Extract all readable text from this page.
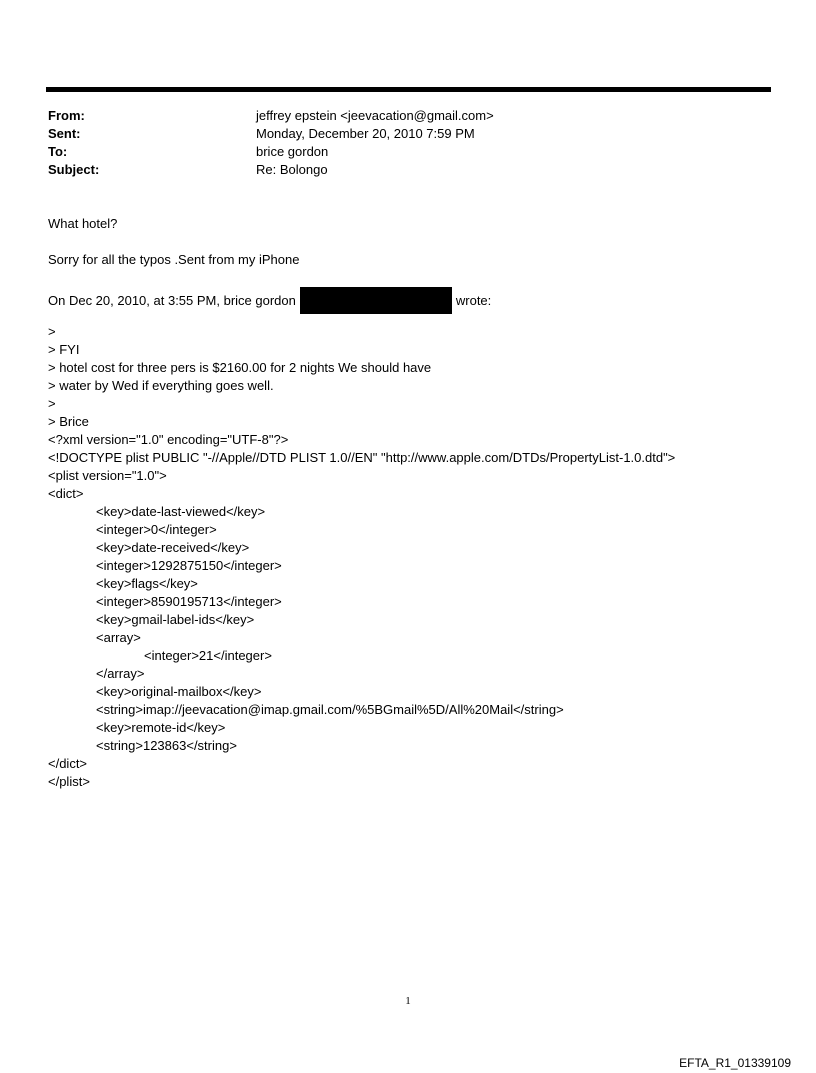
From:	jeffrey epstein <jeevacation@gmail.com>
Sent:	Monday, December 20, 2010 7:59 PM
To:	brice gordon
Subject:	Re: Bolongo
What hotel?
Sorry for all the typos .Sent from my iPhone
On Dec 20, 2010, at 3:55 PM, brice gordon	wrote:
>
> FYI
> hotel cost for three pers is $2160.00 for 2 nights We should have
> water by Wed if everything goes well.
>
> Brice
<?xml version="1.0" encoding="UTF-8"?>
<!DOCTYPE plist PUBLIC "-//Apple//DTD PLIST 1.0//EN" "http://www.apple.com/DTDs/PropertyList-1.0.dtd">
<plist version="1.0">
<dict>
<key>date-last-viewed</key>
<integer>0</integer>
<key>date-received</key>
<integer>1292875150</integer>
<key>flags</key>
<integer>8590195713</integer>
<key>gmail-label-ids</key>
<array>
<integer>21</integer>
</array>
<key>original-mailbox</key>
<string>imap://jeevacation@imap.gmail.com/%5BGmail%5D/All%20Mail</string>
<key>remote-id</key>
<string>123863</string>
</dict>
</plist>
1
EFTA_R1_01339109
